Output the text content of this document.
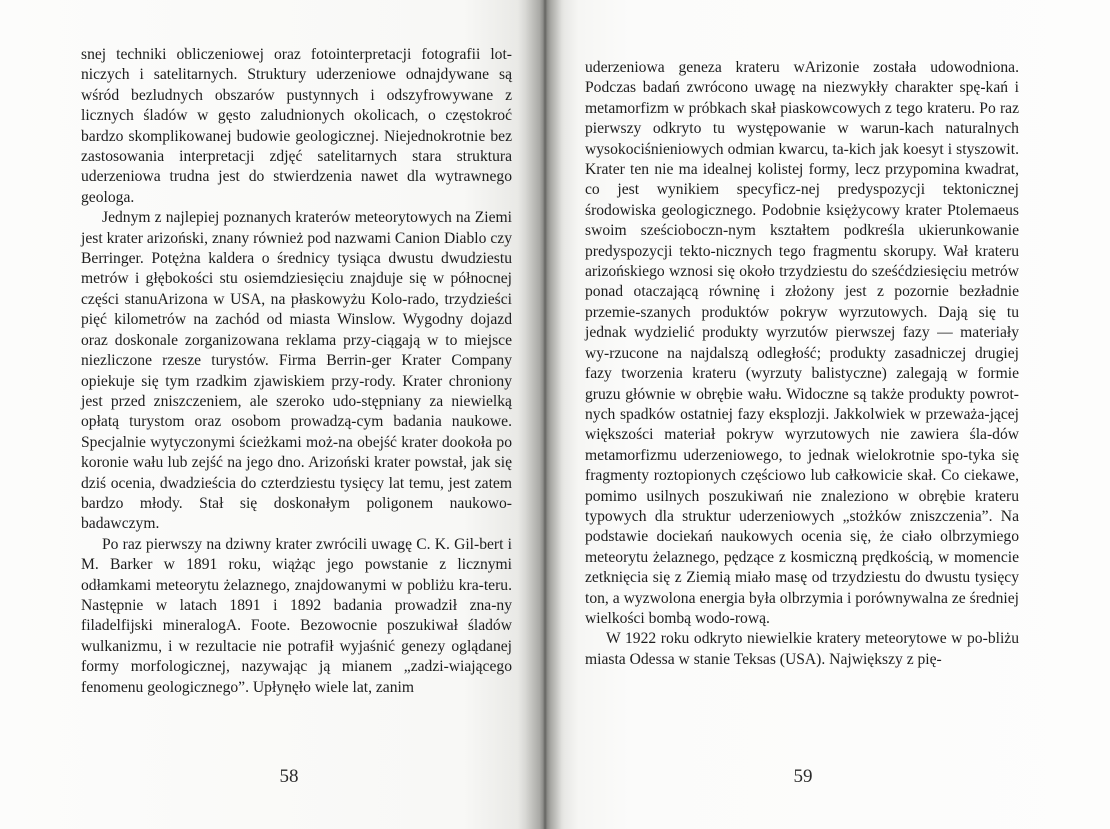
snej techniki obliczeniowej oraz fotointerpretacji fotografii lot-niczych i satelitarnych. Struktury uderzeniowe odnajdywane są wśród bezludnych obszarów pustynnych i odszyfrowywane z licznych śladów w gęsto zaludnionych okolicach, o częstokroć bardzo skomplikowanej budowie geologicznej. Niejednokrotnie bez zastosowania interpretacji zdjęć satelitarnych stara struktura uderzeniowa trudna jest do stwierdzenia nawet dla wytrawnego geologa.

Jednym z najlepiej poznanych kraterów meteorytowych na Ziemi jest krater arizoński, znany również pod nazwami Canion Diablo czy Berringer. Potężna kaldera o średnicy tysiąca dwustu dwudziestu metrów i głębokości stu osiemdziesięciu znajduje się w północnej części stanuArizona w USA, na płaskowyżu Kolo-rado, trzydzieści pięć kilometrów na zachód od miasta Winslow. Wygodny dojazd oraz doskonale zorganizowana reklama przy-ciągają w to miejsce niezliczone rzesze turystów. Firma Berrin-ger Krater Company opiekuje się tym rzadkim zjawiskiem przy-rody. Krater chroniony jest przed zniszczeniem, ale szeroko udo-stępniany za niewielką opłatą turystom oraz osobom prowadzą-cym badania naukowe. Specjalnie wytyczonymi ścieżkami moż-na obejść krater dookoła po koronie wału lub zejść na jego dno. Arizoński krater powstał, jak się dziś ocenia, dwadzieścia do czterdziestu tysięcy lat temu, jest zatem bardzo młody. Stał się doskonałym poligonem naukowo-badawczym.

Po raz pierwszy na dziwny krater zwrócili uwagę C. K. Gil-bert i M. Barker w 1891 roku, wiążąc jego powstanie z licznymi odłamkami meteorytu żelaznego, znajdowanymi w pobliżu kra-teru. Następnie w latach 1891 i 1892 badania prowadził zna-ny filadelfijski mineralogA. Foote. Bezowocnie poszukiwał śladów wulkanizmu, i w rezultacie nie potrafił wyjaśnić genezy oglądanej formy morfologicznej, nazywając ją mianem „zadzi-wiającego fenomenu geologicznego”. Upłynęło wiele lat, zanim

58

uderzeniowa geneza krateru wArizonie została udowodniona. Podczas badań zwrócono uwagę na niezwykły charakter spę-kań i metamorfizm w próbkach skał piaskowcowych z tego krateru. Po raz pierwszy odkryto tu występowanie w warun-kach naturalnych wysokociśnieniowych odmian kwarcu, ta-kich jak koesyt i styszowit. Krater ten nie ma idealnej kolistej formy, lecz przypomina kwadrat, co jest wynikiem specyficz-nej predyspozycji tektonicznej środowiska geologicznego. Podobnie księżycowy krater Ptolemaeus swoim sześcioboczn-nym kształtem podkreśla ukierunkowanie predyspozycji tekto-nicznych tego fragmentu skorupy. Wał krateru arizońskiego wznosi się około trzydziestu do sześćdziesięciu metrów ponad otaczającą równinę i złożony jest z pozornie bezładnie przemie-szanych produktów pokryw wyrzutowych. Dają się tu jednak wydzielić produkty wyrzutów pierwszej fazy — materiały wy-rzucone na najdalszą odległość; produkty zasadniczej drugiej fazy tworzenia krateru (wyrzuty balistyczne) zalegają w formie gruzu głównie w obrębie wału. Widoczne są także produkty powrot-nych spadków ostatniej fazy eksplozji. Jakkolwiek w przeważa-jącej większości materiał pokryw wyrzutowych nie zawiera śla-dów metamorfizmu uderzeniowego, to jednak wielokrotnie spo-tyka się fragmenty roztopionych częściowo lub całkowicie skał. Co ciekawe, pomimo usilnych poszukiwań nie znaleziono w obrębie krateru typowych dla struktur uderzeniowych „stożków zniszczenia”. Na podstawie dociekań naukowych ocenia się, że ciało olbrzymiego meteorytu żelaznego, pędzące z kosmiczną prędkością, w momencie zetknięcia się z Ziemią miało masę od trzydziestu do dwustu tysięcy ton, a wyzwolona energia była olbrzymia i porównywalna ze średniej wielkości bombą wodo-rową.

W 1922 roku odkryto niewielkie kratery meteorytowe w po-bliżu miasta Odessa w stanie Teksas (USA). Największy z pię-

59
